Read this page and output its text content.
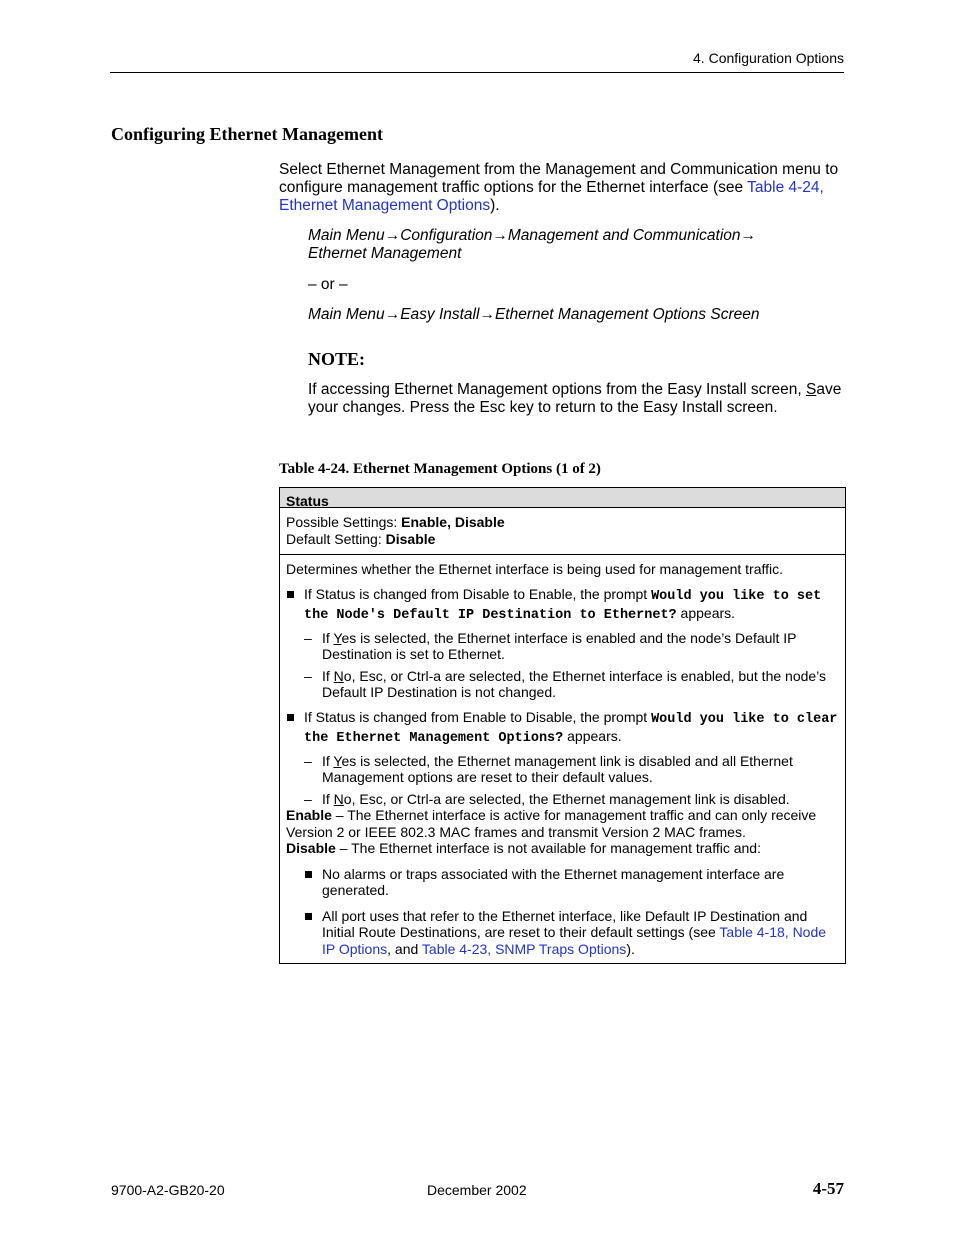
4. Configuration Options
Configuring Ethernet Management

Select Ethernet Management from the Management and Communication menu to configure management traffic options for the Ethernet interface (see Table 4-24, Ethernet Management Options).

Main Menu→Configuration→Management and Communication→
Ethernet Management

– or –

Main Menu→Easy Install→Ethernet Management Options Screen

NOTE:

If accessing Ethernet Management options from the Easy Install screen, Save your changes. Press the Esc key to return to the Easy Install screen.

Table 4-24. Ethernet Management Options (1 of 2)

Status
Possible Settings: Enable, Disable
Default Setting: Disable

Determines whether the Ethernet interface is being used for management traffic.

If Status is changed from Disable to Enable, the prompt Would you like to set the Node's Default IP Destination to Ethernet? appears.
– If Yes is selected, the Ethernet interface is enabled and the node’s Default IP Destination is set to Ethernet.
– If No, Esc, or Ctrl-a are selected, the Ethernet interface is enabled, but the node’s Default IP Destination is not changed.
If Status is changed from Enable to Disable, the prompt Would you like to clear the Ethernet Management Options? appears.
– If Yes is selected, the Ethernet management link is disabled and all Ethernet Management options are reset to their default values.
– If No, Esc, or Ctrl-a are selected, the Ethernet management link is disabled.

Enable – The Ethernet interface is active for management traffic and can only receive Version 2 or IEEE 802.3 MAC frames and transmit Version 2 MAC frames.

Disable – The Ethernet interface is not available for management traffic and:

No alarms or traps associated with the Ethernet management interface are generated.
All port uses that refer to the Ethernet interface, like Default IP Destination and Initial Route Destinations, are reset to their default settings (see Table 4-18, Node IP Options, and Table 4-23, SNMP Traps Options).
9700-A2-GB20-20	December 2002	4-57
